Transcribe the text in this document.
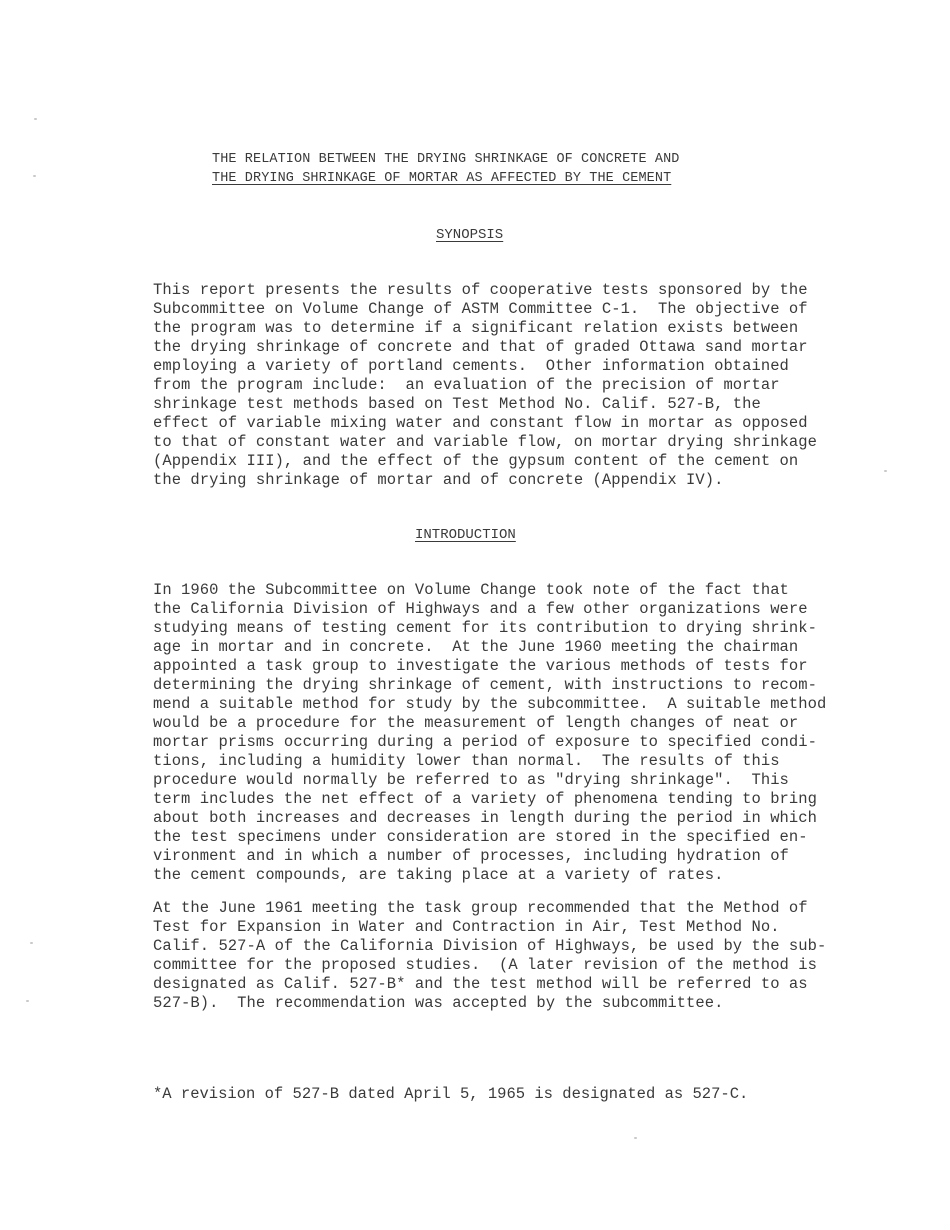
THE RELATION BETWEEN THE DRYING SHRINKAGE OF CONCRETE AND
THE DRYING SHRINKAGE OF MORTAR AS AFFECTED BY THE CEMENT
SYNOPSIS
This report presents the results of cooperative tests sponsored by the
Subcommittee on Volume Change of ASTM Committee C-1.  The objective of
the program was to determine if a significant relation exists between
the drying shrinkage of concrete and that of graded Ottawa sand mortar
employing a variety of portland cements.  Other information obtained
from the program include:  an evaluation of the precision of mortar
shrinkage test methods based on Test Method No. Calif. 527-B, the
effect of variable mixing water and constant flow in mortar as opposed
to that of constant water and variable flow, on mortar drying shrinkage
(Appendix III), and the effect of the gypsum content of the cement on
the drying shrinkage of mortar and of concrete (Appendix IV).
INTRODUCTION
In 1960 the Subcommittee on Volume Change took note of the fact that
the California Division of Highways and a few other organizations were
studying means of testing cement for its contribution to drying shrink-
age in mortar and in concrete.  At the June 1960 meeting the chairman
appointed a task group to investigate the various methods of tests for
determining the drying shrinkage of cement, with instructions to recom-
mend a suitable method for study by the subcommittee.  A suitable method
would be a procedure for the measurement of length changes of neat or
mortar prisms occurring during a period of exposure to specified condi-
tions, including a humidity lower than normal.  The results of this
procedure would normally be referred to as "drying shrinkage".  This
term includes the net effect of a variety of phenomena tending to bring
about both increases and decreases in length during the period in which
the test specimens under consideration are stored in the specified en-
vironment and in which a number of processes, including hydration of
the cement compounds, are taking place at a variety of rates.
At the June 1961 meeting the task group recommended that the Method of
Test for Expansion in Water and Contraction in Air, Test Method No.
Calif. 527-A of the California Division of Highways, be used by the sub-
committee for the proposed studies.  (A later revision of the method is
designated as Calif. 527-B* and the test method will be referred to as
527-B).  The recommendation was accepted by the subcommittee.
*A revision of 527-B dated April 5, 1965 is designated as 527-C.
